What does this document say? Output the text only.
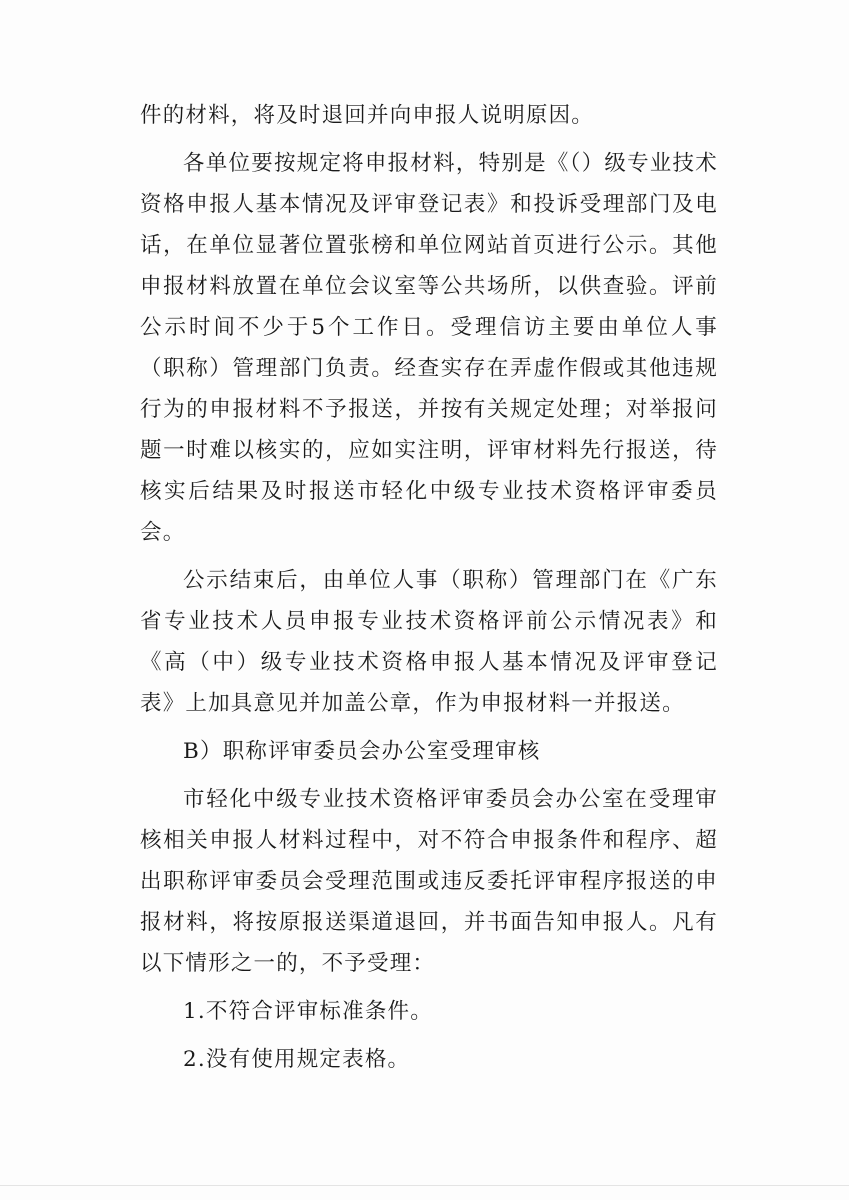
件的材料，将及时退回并向申报人说明原因。

各单位要按规定将申报材料，特别是《（）级专业技术资格申报人基本情况及评审登记表》和投诉受理部门及电话，在单位显著位置张榜和单位网站首页进行公示。其他申报材料放置在单位会议室等公共场所，以供查验。评前公示时间不少于5个工作日。受理信访主要由单位人事（职称）管理部门负责。经查实存在弄虚作假或其他违规行为的申报材料不予报送，并按有关规定处理；对举报问题一时难以核实的，应如实注明，评审材料先行报送，待核实后结果及时报送市轻化中级专业技术资格评审委员会。

公示结束后，由单位人事（职称）管理部门在《广东省专业技术人员申报专业技术资格评前公示情况表》和《高（中）级专业技术资格申报人基本情况及评审登记表》上加具意见并加盖公章，作为申报材料一并报送。

B）职称评审委员会办公室受理审核

市轻化中级专业技术资格评审委员会办公室在受理审核相关申报人材料过程中，对不符合申报条件和程序、超出职称评审委员会受理范围或违反委托评审程序报送的申报材料，将按原报送渠道退回，并书面告知申报人。凡有以下情形之一的，不予受理：

1.不符合评审标准条件。

2.没有使用规定表格。
